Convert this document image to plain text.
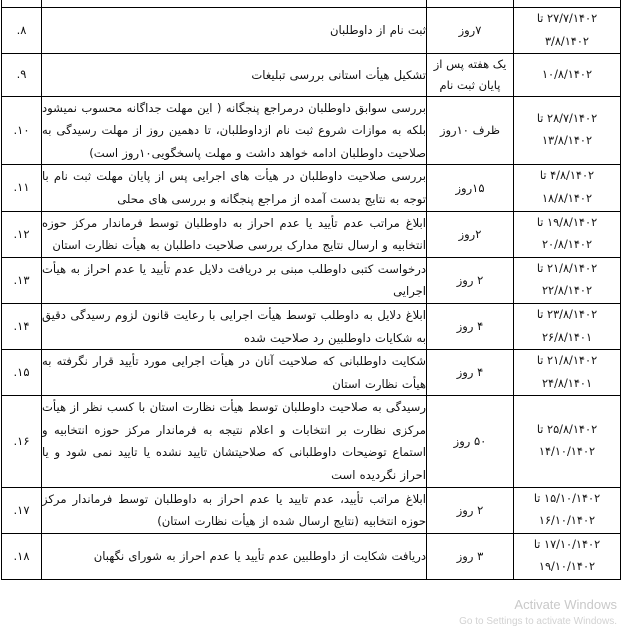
۲۷/۷/۱۴۰۲ تا
۳/۸/۱۴۰۲	۷روز	ثبت نام از داوطلبان	۸.

۱۰/۸/۱۴۰۲	یک هفته پس از پایان ثبت نام	تشکیل هیأت استانی بررسی تبلیغات	۹.

۲۸/۷/۱۴۰۲ تا
۱۳/۸/۱۴۰۲	ظرف ۱۰روز	بررسی سوابق داوطلبان درمراجع پنجگانه ( این مهلت جداگانه محسوب نمیشود بلکه به موازات شروع ثبت نام ازداوطلبان، تا دهمین روز از مهلت رسیدگی به صلاحیت داوطلبان ادامه خواهد داشت و مهلت پاسخگویی۱۰روز است)	۱۰.

۴/۸/۱۴۰۲ تا
۱۸/۸/۱۴۰۲	۱۵روز	بررسی صلاحیت داوطلبان در هیأت های اجرایی پس از پایان مهلت ثبت نام با توجه به نتایج بدست آمده از مراجع پنجگانه و بررسی های محلی	۱۱.

۱۹/۸/۱۴۰۲ تا
۲۰/۸/۱۴۰۲	۲روز	ابلاغ مراتب عدم تأیید یا عدم احراز به داوطلبان توسط فرماندار مرکز حوزه انتخابیه و ارسال نتایج مدارک بررسی صلاحیت داطلبان به هیأت نظارت استان	۱۲.

۲۱/۸/۱۴۰۲ تا
۲۲/۸/۱۴۰۲	۲ روز	درخواست کتبی داوطلب مبنی بر دریافت دلایل عدم تأیید یا عدم احراز به هیأت اجرایی	۱۳.

۲۳/۸/۱۴۰۲ تا
۲۶/۸/۱۴۰۱	۴ روز	ابلاغ دلایل به داوطلب توسط هیأت اجرایی با رعایت قانون لزوم رسیدگی دقیق به شکایات داوطلبین رد صلاحیت شده	۱۴.

۲۱/۸/۱۴۰۲ تا
۲۴/۸/۱۴۰۱	۴ روز	شکایت داوطلبانی که صلاحیت آنان در هیأت اجرایی مورد تأیید قرار نگرفته به هیأت نظارت استان	۱۵.

۲۵/۸/۱۴۰۲ تا
۱۴/۱۰/۱۴۰۲	۵۰ روز	رسیدگی به صلاحیت داوطلبان توسط هیأت نظارت استان با کسب نظر از هیأت مرکزی نظارت بر انتخابات و اعلام نتیجه به فرماندار مرکز حوزه انتخابیه و استماع توضیحات داوطلبانی که صلاحیتشان تایید نشده یا تایید نمی شود و یا احراز نگردیده است	۱۶.

۱۵/۱۰/۱۴۰۲ تا
۱۶/۱۰/۱۴۰۲	۲ روز	ابلاغ مراتب تأیید، عدم تایید یا عدم احراز به داوطلبان توسط فرماندار مرکز حوزه انتخابیه (نتایج ارسال شده از هیأت نظارت استان)	۱۷.

۱۷/۱۰/۱۴۰۲ تا
۱۹/۱۰/۱۴۰۲	۳ روز	دریافت شکایت از داوطلبین عدم تأیید یا عدم احراز به شورای نگهبان	۱۸.
Activate Windows
Go to Settings to activate Windows.
